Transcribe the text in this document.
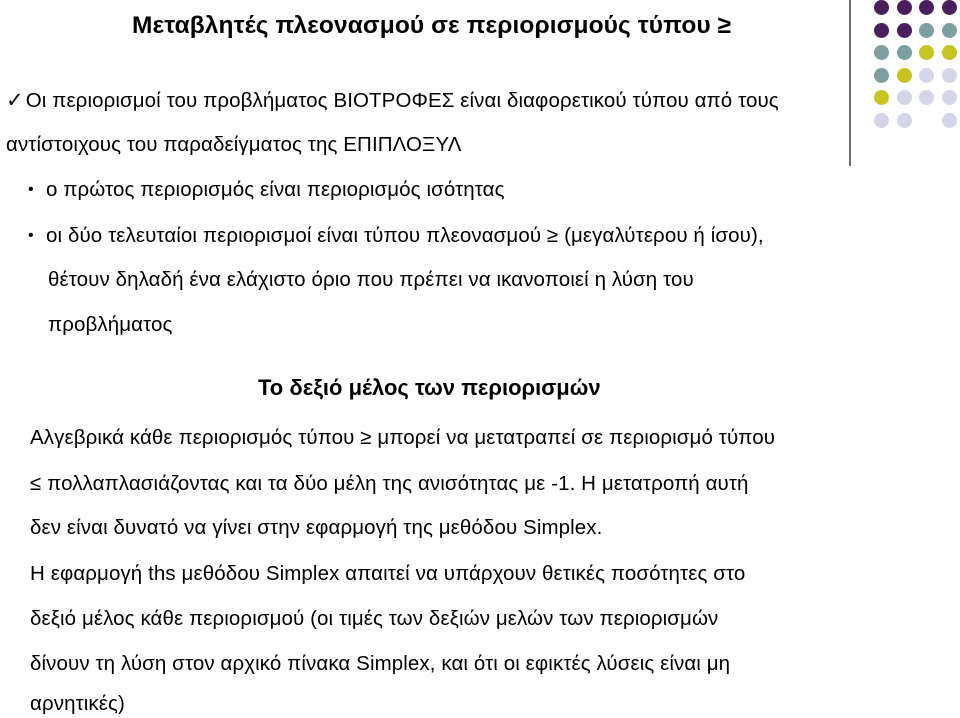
Μεταβλητές πλεονασμού σε περιορισμούς τύπου ≥
✓Οι περιορισμοί του προβλήματος ΒΙΟΤΡΟΦΕΣ είναι διαφορετικού τύπου από τους
αντίστοιχους του παραδείγματος της ΕΠΙΠΛΟΞΥΛ
• ο πρώτος περιορισμός είναι περιορισμός ισότητας
• οι δύο τελευταίοι περιορισμοί είναι τύπου πλεονασμού ≥ (μεγαλύτερου ή ίσου),
θέτουν δηλαδή ένα ελάχιστο όριο που πρέπει να ικανοποιεί η λύση του
προβλήματος
Το δεξιό μέλος των περιορισμών
Αλγεβρικά κάθε περιορισμός τύπου ≥ μπορεί να μετατραπεί σε περιορισμό τύπου
≤ πολλαπλασιάζοντας και τα δύο μέλη της ανισότητας με -1. Η μετατροπή αυτή
δεν είναι δυνατό να γίνει στην εφαρμογή της μεθόδου Simplex.
Η εφαρμογή ths μεθόδου Simplex απαιτεί να υπάρχουν θετικές ποσότητες στο
δεξιό μέλος κάθε περιορισμού (οι τιμές των δεξιών μελών των περιορισμών
δίνουν τη λύση στον αρχικό πίνακα Simplex, και ότι οι εφικτές λύσεις είναι μη
αρνητικές)
